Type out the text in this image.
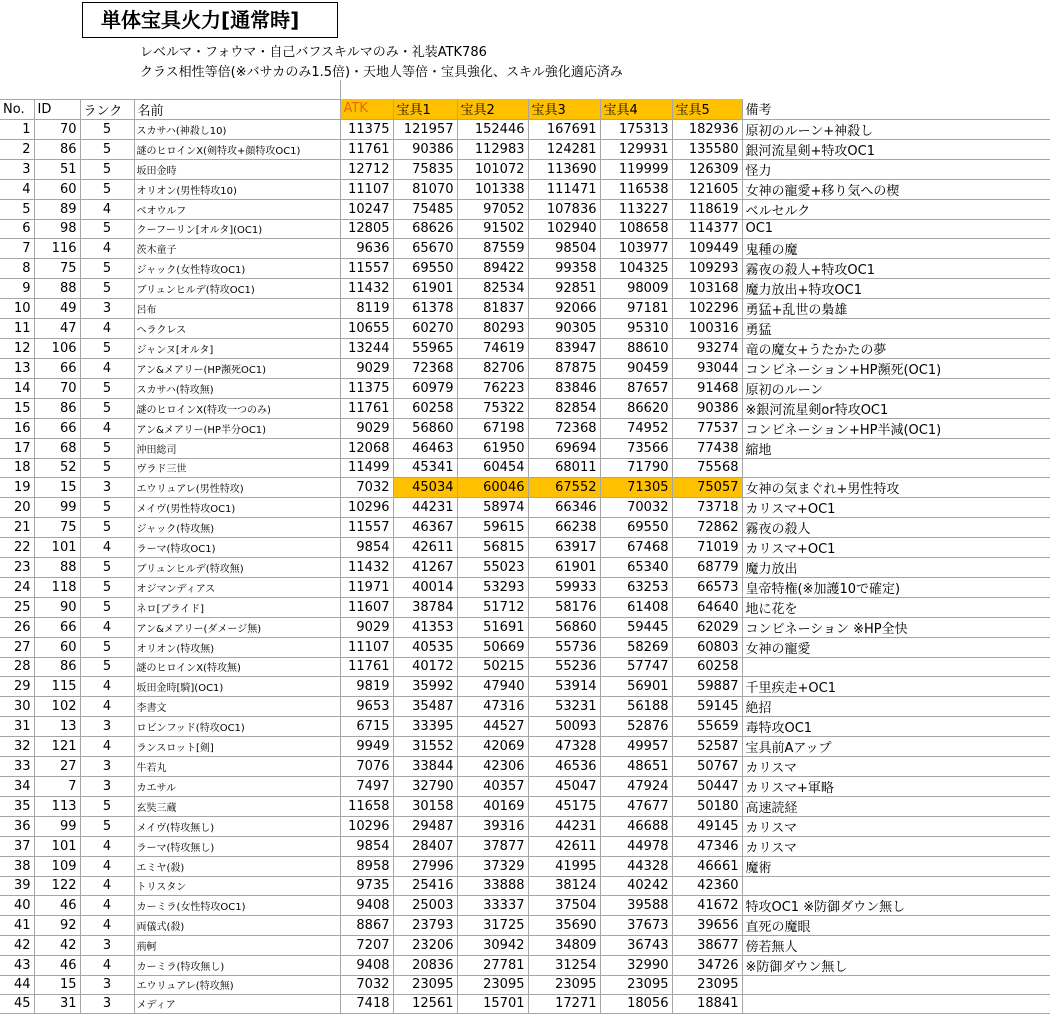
単体宝具火力[通常時]
レベルマ・フォウマ・自己バフスキルマのみ・礼装ATK786
クラス相性等倍(※バサカのみ1.5倍)・天地人等倍・宝具強化、スキル強化適応済み

No.	ID	ランク	名前	ATK	宝具1	宝具2	宝具3	宝具4	宝具5	備考
1	70	5	スカサハ(神殺し10)	11375	121957	152446	167691	175313	182936	原初のルーン+神殺し
2	86	5	謎のヒロインX(剣特攻+顔特攻OC1)	11761	90386	112983	124281	129931	135580	銀河流星剣+特攻OC1
3	51	5	坂田金時	12712	75835	101072	113690	119999	126309	怪力
4	60	5	オリオン(男性特攻10)	11107	81070	101338	111471	116538	121605	女神の寵愛+移り気への楔
5	89	4	ベオウルフ	10247	75485	97052	107836	113227	118619	ベルセルク
6	98	5	クーフーリン[オルタ](OC1)	12805	68626	91502	102940	108658	114377	OC1
7	116	4	茨木童子	9636	65670	87559	98504	103977	109449	鬼種の魔
8	75	5	ジャック(女性特攻OC1)	11557	69550	89422	99358	104325	109293	霧夜の殺人+特攻OC1
9	88	5	ブリュンヒルデ(特攻OC1)	11432	61901	82534	92851	98009	103168	魔力放出+特攻OC1
10	49	3	呂布	8119	61378	81837	92066	97181	102296	勇猛+乱世の梟雄
11	47	4	ヘラクレス	10655	60270	80293	90305	95310	100316	勇猛
12	106	5	ジャンヌ[オルタ]	13244	55965	74619	83947	88610	93274	竜の魔女+うたかたの夢
13	66	4	アン&メアリー(HP瀕死OC1)	9029	72368	82706	87875	90459	93044	コンビネーション+HP瀕死(OC1)
14	70	5	スカサハ(特攻無)	11375	60979	76223	83846	87657	91468	原初のルーン
15	86	5	謎のヒロインX(特攻一つのみ)	11761	60258	75322	82854	86620	90386	※銀河流星剣or特攻OC1
16	66	4	アン&メアリー(HP半分OC1)	9029	56860	67198	72368	74952	77537	コンビネーション+HP半減(OC1)
17	68	5	沖田総司	12068	46463	61950	69694	73566	77438	縮地
18	52	5	ヴラド三世	11499	45341	60454	68011	71790	75568	
19	15	3	エウリュアレ(男性特攻)	7032	45034	60046	67552	71305	75057	女神の気まぐれ+男性特攻
20	99	5	メイヴ(男性特攻OC1)	10296	44231	58974	66346	70032	73718	カリスマ+OC1
21	75	5	ジャック(特攻無)	11557	46367	59615	66238	69550	72862	霧夜の殺人
22	101	4	ラーマ(特攻OC1)	9854	42611	56815	63917	67468	71019	カリスマ+OC1
23	88	5	ブリュンヒルデ(特攻無)	11432	41267	55023	61901	65340	68779	魔力放出
24	118	5	オジマンディアス	11971	40014	53293	59933	63253	66573	皇帝特権(※加護10で確定)
25	90	5	ネロ[ブライド]	11607	38784	51712	58176	61408	64640	地に花を
26	66	4	アン&メアリー(ダメージ無)	9029	41353	51691	56860	59445	62029	コンビネーション ※HP全快
27	60	5	オリオン(特攻無)	11107	40535	50669	55736	58269	60803	女神の寵愛
28	86	5	謎のヒロインX(特攻無)	11761	40172	50215	55236	57747	60258	
29	115	4	坂田金時[騎](OC1)	9819	35992	47940	53914	56901	59887	千里疾走+OC1
30	102	4	李書文	9653	35487	47316	53231	56188	59145	絶招
31	13	3	ロビンフッド(特攻OC1)	6715	33395	44527	50093	52876	55659	毒特攻OC1
32	121	4	ランスロット[剣]	9949	31552	42069	47328	49957	52587	宝具前Aアップ
33	27	3	牛若丸	7076	33844	42306	46536	48651	50767	カリスマ
34	7	3	カエサル	7497	32790	40357	45047	47924	50447	カリスマ+軍略
35	113	5	玄奘三蔵	11658	30158	40169	45175	47677	50180	高速読経
36	99	5	メイヴ(特攻無し)	10296	29487	39316	44231	46688	49145	カリスマ
37	101	4	ラーマ(特攻無し)	9854	28407	37877	42611	44978	47346	カリスマ
38	109	4	エミヤ(殺)	8958	27996	37329	41995	44328	46661	魔術
39	122	4	トリスタン	9735	25416	33888	38124	40242	42360	
40	46	4	カーミラ(女性特攻OC1)	9408	25003	33337	37504	39588	41672	特攻OC1 ※防御ダウン無し
41	92	4	両儀式(殺)	8867	23793	31725	35690	37673	39656	直死の魔眼
42	42	3	荊軻	7207	23206	30942	34809	36743	38677	傍若無人
43	46	4	カーミラ(特攻無し)	9408	20836	27781	31254	32990	34726	※防御ダウン無し
44	15	3	エウリュアレ(特攻無)	7032	23095	23095	23095	23095	23095	
45	31	3	メディア	7418	12561	15701	17271	18056	18841	
